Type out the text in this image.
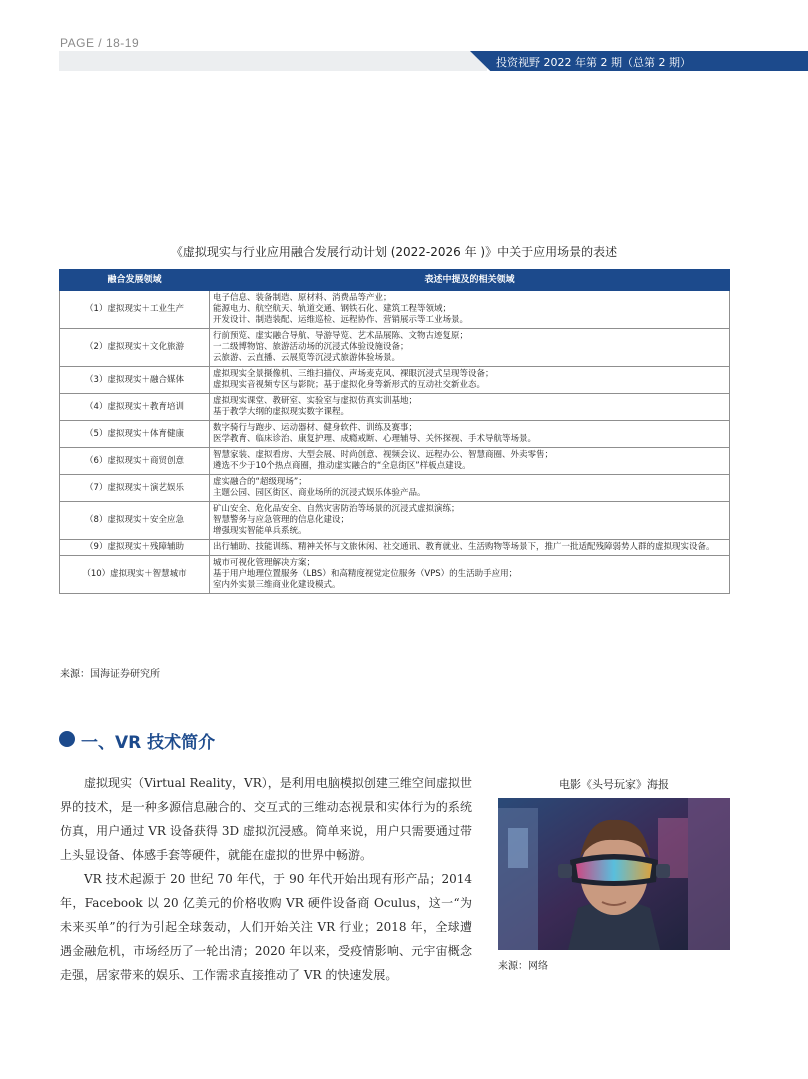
PAGE / 18-19
投资视野 2022 年第 2 期（总第 2 期）
《虚拟现实与行业应用融合发展行动计划 (2022-2026 年 )》中关于应用场景的表述
融合发展领域	表述中提及的相关领域
（1）虚拟现实＋工业生产	电子信息、装备制造、原材料、消费品等产业；
能源电力、航空航天、轨道交通、钢铁石化、建筑工程等领域；
开发设计、制造装配、运维巡检、远程协作、营销展示等工业场景。

（2）虚拟现实＋文化旅游	行前预览、虚实融合导航、导游导览、艺术品展陈、文物古迹复原；
一二级博物馆、旅游活动场的沉浸式体验设施设备；
云旅游、云直播、云展览等沉浸式旅游体验场景。

（3）虚拟现实＋融合媒体	虚拟现实全景摄像机、三维扫描仪、声场麦克风、裸眼沉浸式呈现等设备；
虚拟现实音视频专区与影院；基于虚拟化身等新形式的互动社交新业态。

（4）虚拟现实＋教育培训	虚拟现实课堂、教研室、实验室与虚拟仿真实训基地；
基于教学大纲的虚拟现实数字课程。

（5）虚拟现实＋体育健康	数字骑行与跑步、运动器材、健身软件、训练及赛事；
医学教育、临床诊治、康复护理、成瘾戒断、心理辅导、关怀探视、手术导航等场景。

（6）虚拟现实＋商贸创意	智慧家装、虚拟看房、大型会展、时尚创意、视频会议、远程办公、智慧商圈、外卖零售；
遴选不少于10个热点商圈，推动虚实融合的“全息街区”样板点建设。

（7）虚拟现实＋演艺娱乐	虚实融合的“超级现场”；
主题公园、园区街区、商业场所的沉浸式娱乐体验产品。

（8）虚拟现实＋安全应急	矿山安全、危化品安全、自然灾害防治等场景的沉浸式虚拟演练；
智慧警务与应急管理的信息化建设；
增强现实智能单兵系统。

（9）虚拟现实＋残障辅助	出行辅助、技能训练、精神关怀与文旅休闲、社交通讯、教育就业、生活购物等场景下，推广一批适配残障弱势人群的虚拟现实设备。

（10）虚拟现实＋智慧城市	城市可视化管理解决方案；
基于用户地理位置服务（LBS）和高精度视觉定位服务（VPS）的生活助手应用；
室内外实景三维商业化建设模式。
来源：国海证券研究所
一、VR 技术简介

虚拟现实（Virtual Reality，VR），是利用电脑模拟创建三维空间虚拟世界的技术，是一种多源信息融合的、交互式的三维动态视景和实体行为的系统仿真，用户通过 VR 设备获得 3D 虚拟沉浸感。简单来说，用户只需要通过带上头显设备、体感手套等硬件，就能在虚拟的世界中畅游。

VR 技术起源于 20 世纪 70 年代，于 90 年代开始出现有形产品；2014 年，Facebook 以 20 亿美元的价格收购 VR 硬件设备商 Oculus，这一“为未来买单”的行为引起全球轰动，人们开始关注 VR 行业；2018 年，全球遭遇金融危机，市场经历了一轮出清；2020 年以来，受疫情影响、元宇宙概念走强，居家带来的娱乐、工作需求直接推动了 VR 的快速发展。

电影《头号玩家》海报
来源：网络
